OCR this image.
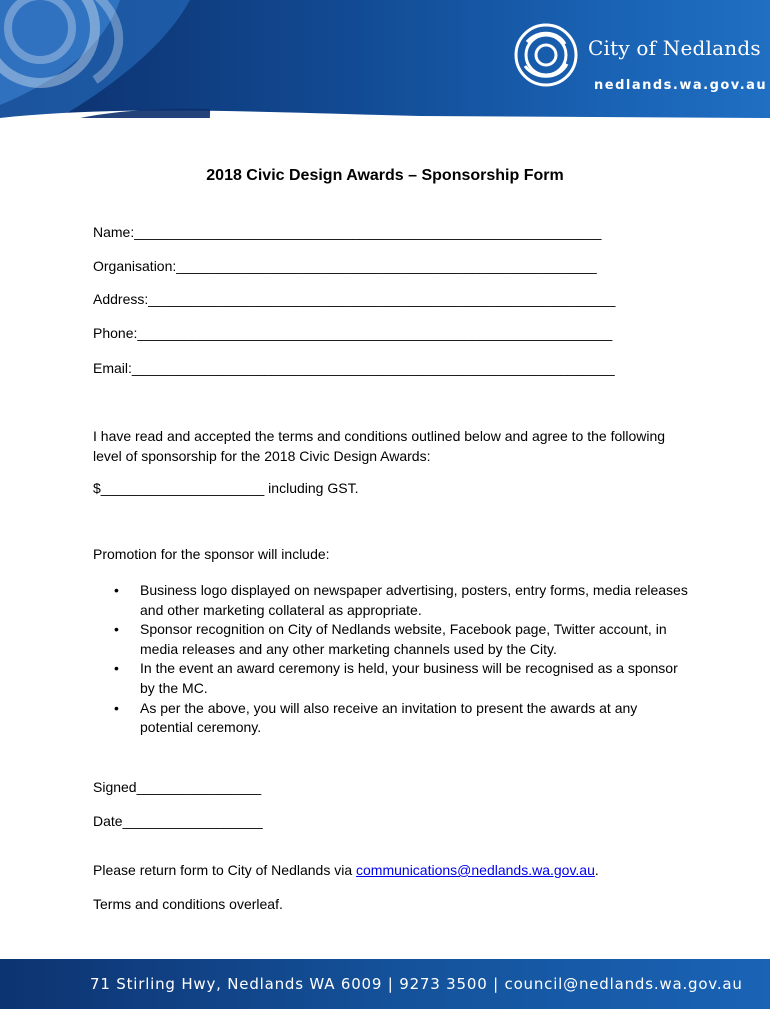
City of Nedlands
nedlands.wa.gov.au
2018 Civic Design Awards – Sponsorship Form
Name:____________________________________________________________
Organisation:______________________________________________________
Address:____________________________________________________________
Phone:_____________________________________________________________
Email:______________________________________________________________
I have read and accepted the terms and conditions outlined below and agree to the following level of sponsorship for the 2018 Civic Design Awards:
$_____________________ including GST.
Promotion for the sponsor will include:
• Business logo displayed on newspaper advertising, posters, entry forms, media releases and other marketing collateral as appropriate.
• Sponsor recognition on City of Nedlands website, Facebook page, Twitter account, in media releases and any other marketing channels used by the City.
• In the event an award ceremony is held, your business will be recognised as a sponsor by the MC.
• As per the above, you will also receive an invitation to present the awards at any potential ceremony.
Signed________________
Date__________________
Please return form to City of Nedlands via communications@nedlands.wa.gov.au.
Terms and conditions overleaf.
71 Stirling Hwy, Nedlands WA 6009 | 9273 3500 | council@nedlands.wa.gov.au
